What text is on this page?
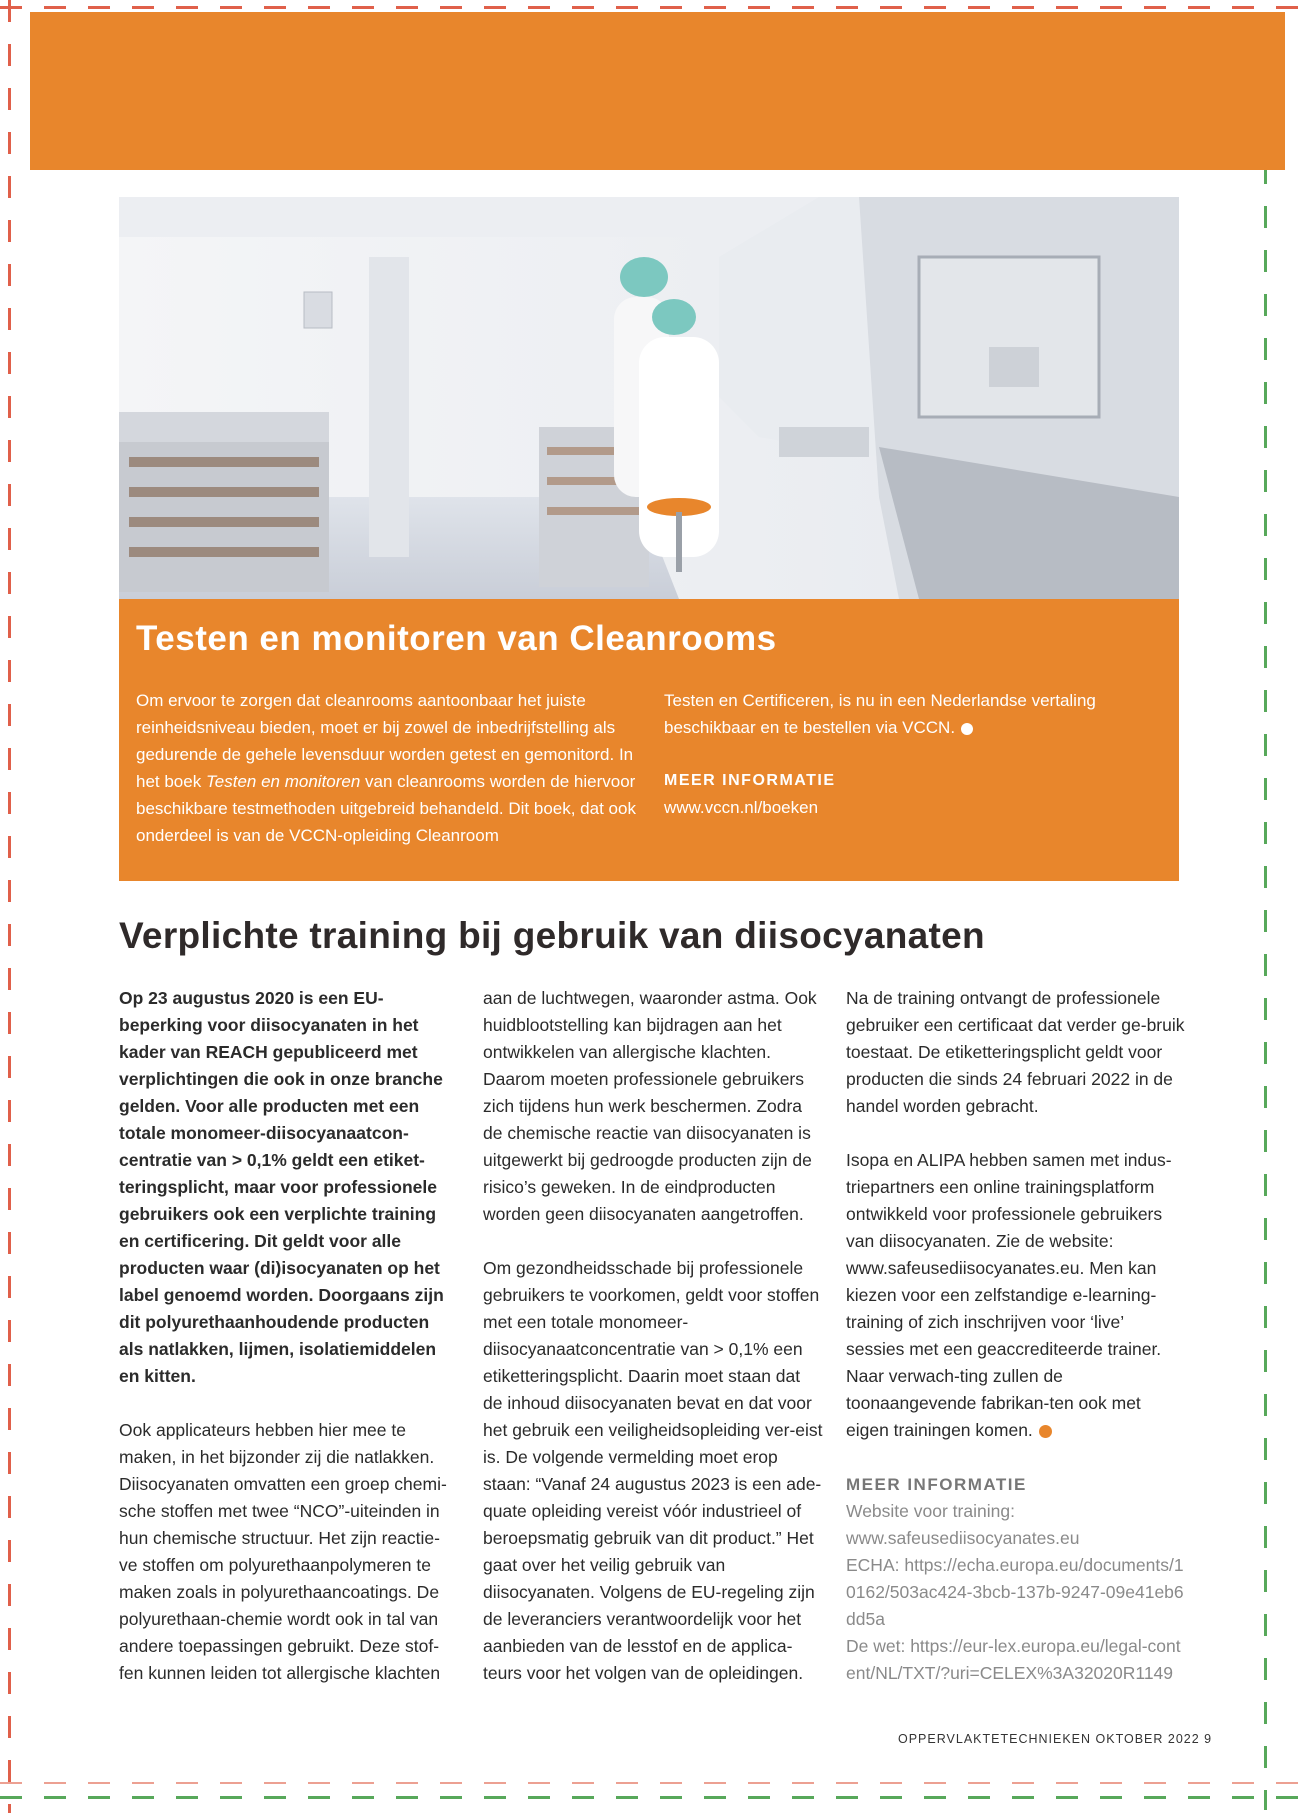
Testen en monitoren van Cleanrooms
Om ervoor te zorgen dat cleanrooms aantoonbaar het juiste reinheidsniveau bieden, moet er bij zowel de inbedrijfstelling als gedurende de gehele levensduur worden getest en gemonitord. In het boek Testen en monitoren van cleanrooms worden de hiervoor beschikbare testmethoden uitgebreid behandeld. Dit boek, dat ook onderdeel is van de VCCN-opleiding Cleanroom
Testen en Certificeren, is nu in een Nederlandse vertaling beschikbaar en te bestellen via VCCN.
MEER INFORMATIE
www.vccn.nl/boeken
Verplichte training bij gebruik van diisocyanaten

Op 23 augustus 2020 is een EU-beperking voor diisocyanaten in het kader van REACH gepubliceerd met verplichtingen die ook in onze branche gelden. Voor alle producten met een totale monomeer-diisocyanaatcon-centratie van > 0,1% geldt een etiket-teringsplicht, maar voor professionele gebruikers ook een verplichte training en certificering. Dit geldt voor alle producten waar (di)isocyanaten op het label genoemd worden. Doorgaans zijn dit polyurethaanhoudende producten als natlakken, lijmen, isolatiemiddelen en kitten.

Ook applicateurs hebben hier mee te maken, in het bijzonder zij die natlakken. Diisocyanaten omvatten een groep chemi-sche stoffen met twee “NCO”-uiteinden in hun chemische structuur. Het zijn reactie-ve stoffen om polyurethaanpolymeren te maken zoals in polyurethaancoatings. De polyurethaan-chemie wordt ook in tal van andere toepassingen gebruikt. Deze stof-fen kunnen leiden tot allergische klachten

aan de luchtwegen, waaronder astma. Ook huidblootstelling kan bijdragen aan het ontwikkelen van allergische klachten. Daarom moeten professionele gebruikers zich tijdens hun werk beschermen. Zodra de chemische reactie van diisocyanaten is uitgewerkt bij gedroogde producten zijn de risico’s geweken. In de eindproducten worden geen diisocyanaten aangetroffen.

Om gezondheidsschade bij professionele gebruikers te voorkomen, geldt voor stoffen met een totale monomeer-diisocyanaatconcentratie van > 0,1% een etiketteringsplicht. Daarin moet staan dat de inhoud diisocyanaten bevat en dat voor het gebruik een veiligheidsopleiding ver-eist is. De volgende vermelding moet erop staan: “Vanaf 24 augustus 2023 is een ade-quate opleiding vereist vóór industrieel of beroepsmatig gebruik van dit product.” Het gaat over het veilig gebruik van diisocyanaten. Volgens de EU-regeling zijn de leveranciers verantwoordelijk voor het aanbieden van de lesstof en de applica-teurs voor het volgen van de opleidingen.

Na de training ontvangt de professionele gebruiker een certificaat dat verder ge-bruik toestaat. De etiketteringsplicht geldt voor producten die sinds 24 februari 2022 in de handel worden gebracht.

Isopa en ALIPA hebben samen met indus-triepartners een online trainingsplatform ontwikkeld voor professionele gebruikers van diisocyanaten. Zie de website: www.safeusediisocyanates.eu. Men kan kiezen voor een zelfstandige e-learning-training of zich inschrijven voor ‘live’ sessies met een geaccrediteerde trainer. Naar verwach-ting zullen de toonaangevende fabrikan-ten ook met eigen trainingen komen.

MEER INFORMATIE
Website voor training:
www.safeusediisocyanates.eu
ECHA: https://echa.europa.eu/documents/10162/503ac424-3bcb-137b-9247-09e41eb6dd5a
De wet: https://eur-lex.europa.eu/legal-content/NL/TXT/?uri=CELEX%3A32020R1149
OPPERVLAKTETECHNIEKEN OKTOBER 2022 9
